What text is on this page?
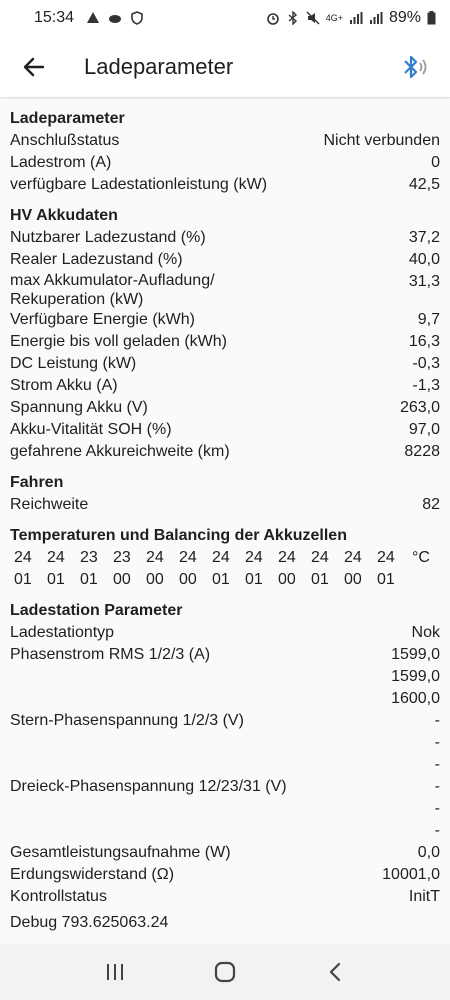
15:34	4G+	89%
Ladeparameter
Ladeparameter
Anschlußstatus	Nicht verbunden
Ladestrom (A)	0
verfügbare Ladestationleistung (kW)	42,5
HV Akkudaten
Nutzbarer Ladezustand (%)	37,2
Realer Ladezustand (%)	40,0
max Akkumulator-Aufladung/ Rekuperation (kW)
31,3
Verfügbare Energie (kWh)	9,7
Energie bis voll geladen (kWh)	16,3
DC Leistung (kW)	-0,3
Strom Akku (A)	-1,3
Spannung Akku (V)	263,0
Akku-Vitalität SOH (%)	97,0
gefahrene Akkureichweite (km)	8228
Fahren
Reichweite	82
Temperaturen und Balancing der Akkuzellen
24 24 23 23 24 24 24 24 24 24 24 24	°C
01 01 01 00 00 00 01 01 00 01 00 01
Ladestation Parameter
Ladestationtyp	Nok
Phasenstrom RMS 1/2/3 (A)	1599,0
1599,0
1600,0
Stern-Phasenspannung 1/2/3 (V)	-
-
-
Dreieck-Phasenspannung 12/23/31 (V)	-
-
-
Gesamtleistungsaufnahme (W)	0,0
Erdungswiderstand (Ω)	10001,0
Kontrollstatus	InitT
Debug 793.625063.24
